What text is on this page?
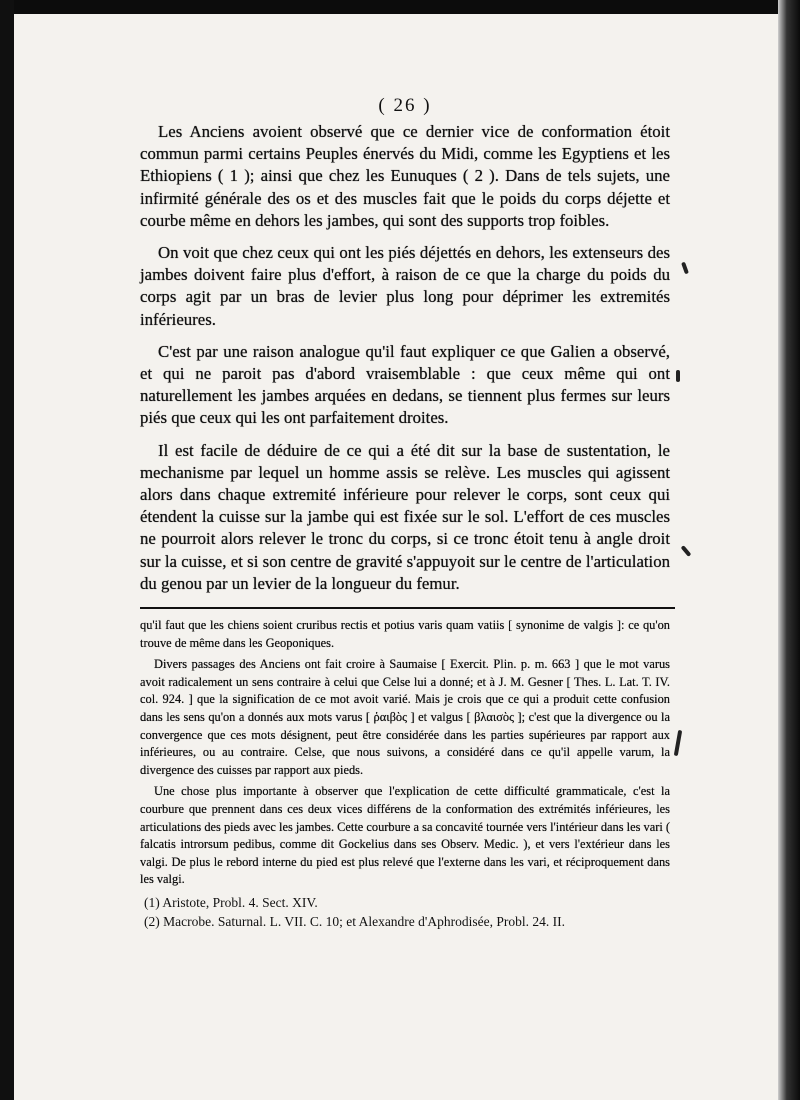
( 26 )

Les Anciens avoient observé que ce dernier vice de conformation étoit commun parmi certains Peuples énervés du Midi, comme les Egyptiens et les Ethiopiens ( 1 ); ainsi que chez les Eunuques ( 2 ). Dans de tels sujets, une infirmité générale des os et des muscles fait que le poids du corps déjette et courbe même en dehors les jambes, qui sont des supports trop foibles.

On voit que chez ceux qui ont les piés déjettés en dehors, les extenseurs des jambes doivent faire plus d'effort, à raison de ce que la charge du poids du corps agit par un bras de levier plus long pour déprimer les extremités inférieures.

C'est par une raison analogue qu'il faut expliquer ce que Galien a observé, et qui ne paroit pas d'abord vraisemblable : que ceux même qui ont naturellement les jambes arquées en dedans, se tiennent plus fermes sur leurs piés que ceux qui les ont parfaitement droites.

Il est facile de déduire de ce qui a été dit sur la base de sustentation, le mechanisme par lequel un homme assis se relève. Les muscles qui agissent alors dans chaque extremité inférieure pour relever le corps, sont ceux qui étendent la cuisse sur la jambe qui est fixée sur le sol. L'effort de ces muscles ne pourroit alors relever le tronc du corps, si ce tronc étoit tenu à angle droit sur la cuisse, et si son centre de gravité s'appuyoit sur le centre de l'articulation du genou par un levier de la longueur du femur.

qu'il faut que les chiens soient cruribus rectis et potius varis quam vatiis [ synonime de valgis ]: ce qu'on trouve de même dans les Geoponiques.

Divers passages des Anciens ont fait croire à Saumaise [ Exercit. Plin. p. m. 663 ] que le mot varus avoit radicalement un sens contraire à celui que Celse lui a donné; et à J. M. Gesner [ Thes. L. Lat. T. IV. col. 924. ] que la signification de ce mot avoit varié. Mais je crois que ce qui a produit cette confusion dans les sens qu'on a donnés aux mots varus [ ῥαιβὸς ] et valgus [ βλαισὸς ]; c'est que la divergence ou la convergence que ces mots désignent, peut être considérée dans les parties supérieures par rapport aux inférieures, ou au contraire. Celse, que nous suivons, a considéré dans ce qu'il appelle varum, la divergence des cuisses par rapport aux pieds.

Une chose plus importante à observer que l'explication de cette difficulté grammaticale, c'est la courbure que prennent dans ces deux vices différens de la conformation des extrémités inférieures, les articulations des pieds avec les jambes. Cette courbure a sa concavité tournée vers l'intérieur dans les vari ( falcatis introrsum pedibus, comme dit Gockelius dans ses Observ. Medic. ), et vers l'extérieur dans les valgi. De plus le rebord interne du pied est plus relevé que l'externe dans les vari, et réciproquement dans les valgi.

(1) Aristote, Probl. 4. Sect. XIV.
(2) Macrobe. Saturnal. L. VII. C. 10; et Alexandre d'Aphrodisée, Probl. 24. II.
